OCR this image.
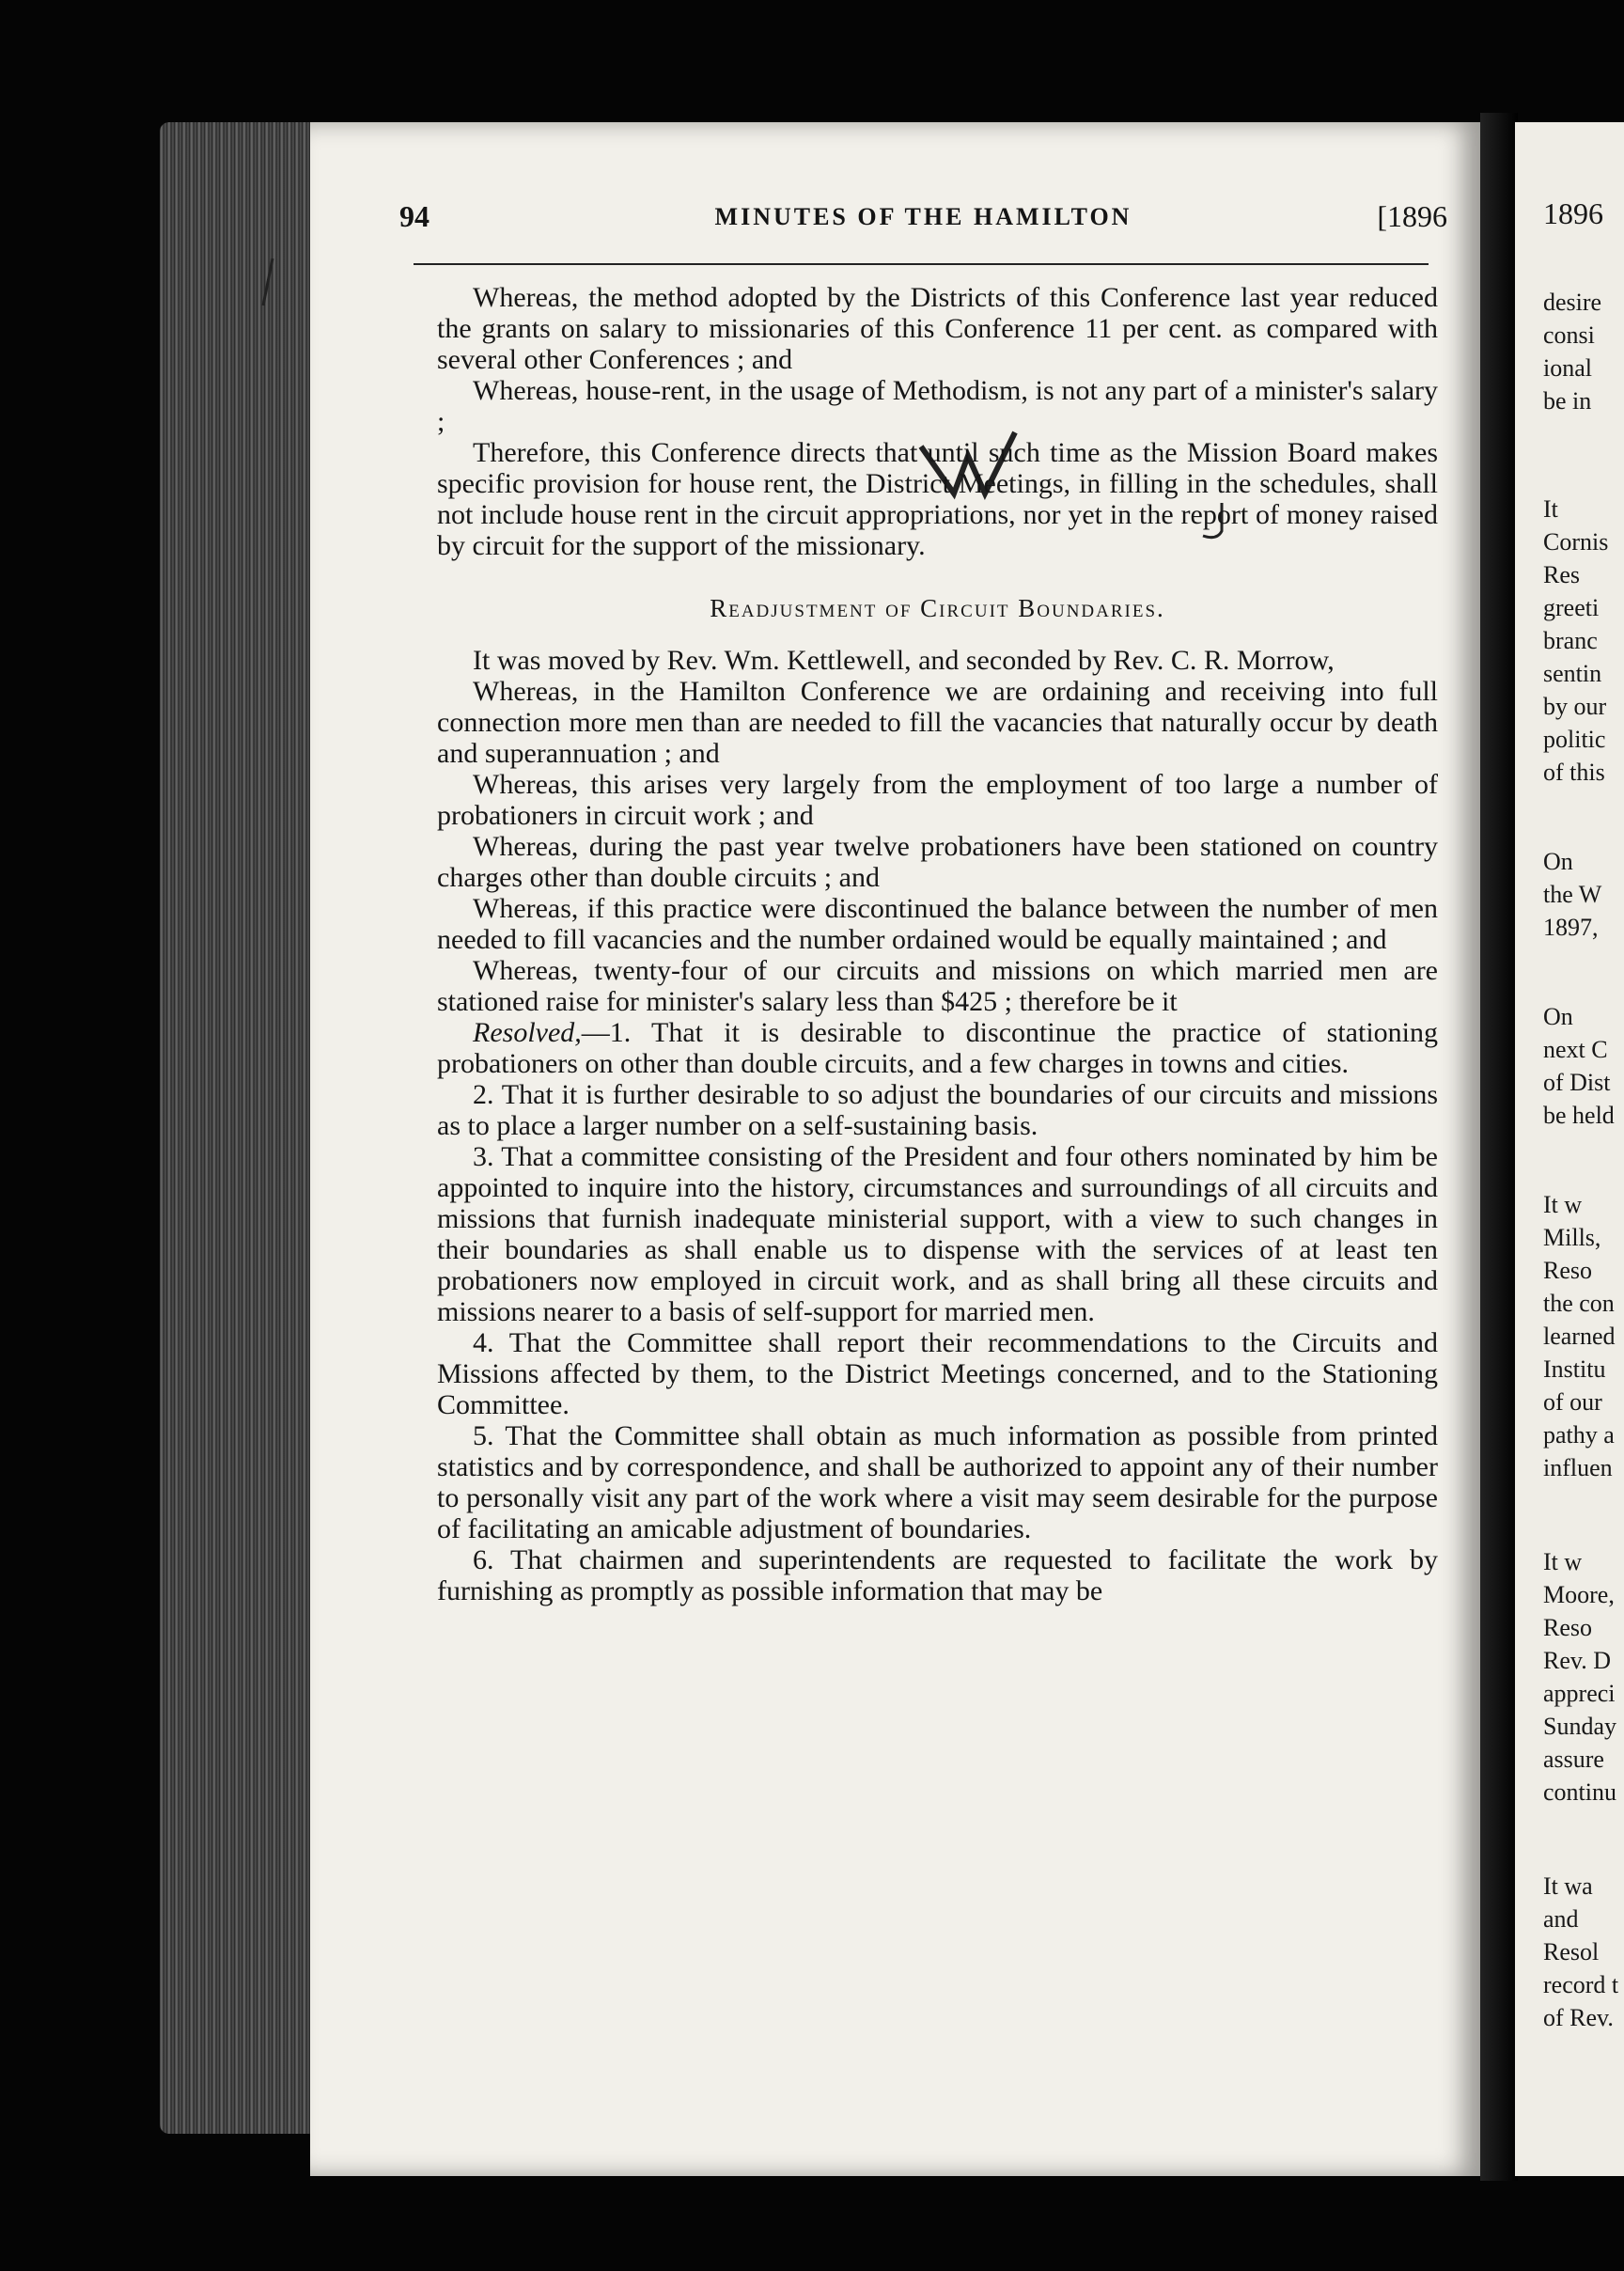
94	MINUTES OF THE HAMILTON	[1896

Whereas, the method adopted by the Districts of this Conference last year reduced the grants on salary to missionaries of this Conference 11 per cent. as compared with several other Conferences ; and

Whereas, house-rent, in the usage of Methodism, is not any part of a minister's salary ;

Therefore, this Conference directs that until such time as the Mission Board makes specific provision for house rent, the District Meetings, in filling in the schedules, shall not include house rent in the circuit appropriations, nor yet in the report of money raised by circuit for the support of the missionary.

Readjustment of Circuit Boundaries.

It was moved by Rev. Wm. Kettlewell, and seconded by Rev. C. R. Morrow,

Whereas, in the Hamilton Conference we are ordaining and receiving into full connection more men than are needed to fill the vacancies that naturally occur by death and superannuation ; and

Whereas, this arises very largely from the employment of too large a number of probationers in circuit work ; and

Whereas, during the past year twelve probationers have been stationed on country charges other than double circuits ; and

Whereas, if this practice were discontinued the balance between the number of men needed to fill vacancies and the number ordained would be equally maintained ; and

Whereas, twenty-four of our circuits and missions on which married men are stationed raise for minister's salary less than $425 ; therefore be it

Resolved,—1. That it is desirable to discontinue the practice of stationing probationers on other than double circuits, and a few charges in towns and cities.

2. That it is further desirable to so adjust the boundaries of our circuits and missions as to place a larger number on a self-sustaining basis.

3. That a committee consisting of the President and four others nominated by him be appointed to inquire into the history, circumstances and surroundings of all circuits and missions that furnish inadequate ministerial support, with a view to such changes in their boundaries as shall enable us to dispense with the services of at least ten probationers now employed in circuit work, and as shall bring all these circuits and missions nearer to a basis of self-support for married men.

4. That the Committee shall report their recommendations to the Circuits and Missions affected by them, to the District Meetings concerned, and to the Stationing Committee.

5. That the Committee shall obtain as much information as possible from printed statistics and by correspondence, and shall be authorized to appoint any of their number to personally visit any part of the work where a visit may seem desirable for the purpose of facilitating an amicable adjustment of boundaries.

6. That chairmen and superintendents are requested to facilitate the work by furnishing as promptly as possible information that may be

1896
desire
consi
ional
be in
It
Cornis
Res
greeti
branc
sentin
by our
politic
of this
On
the W
1897,
On
next C
of Dist
be held
It w
Mills,
Reso
the con
learned
Institu
of our
pathy a
influen
It w
Moore,
Reso
Rev. D
appreci
Sunday
assure
continu
It wa
and
Resol
record t
of Rev.
